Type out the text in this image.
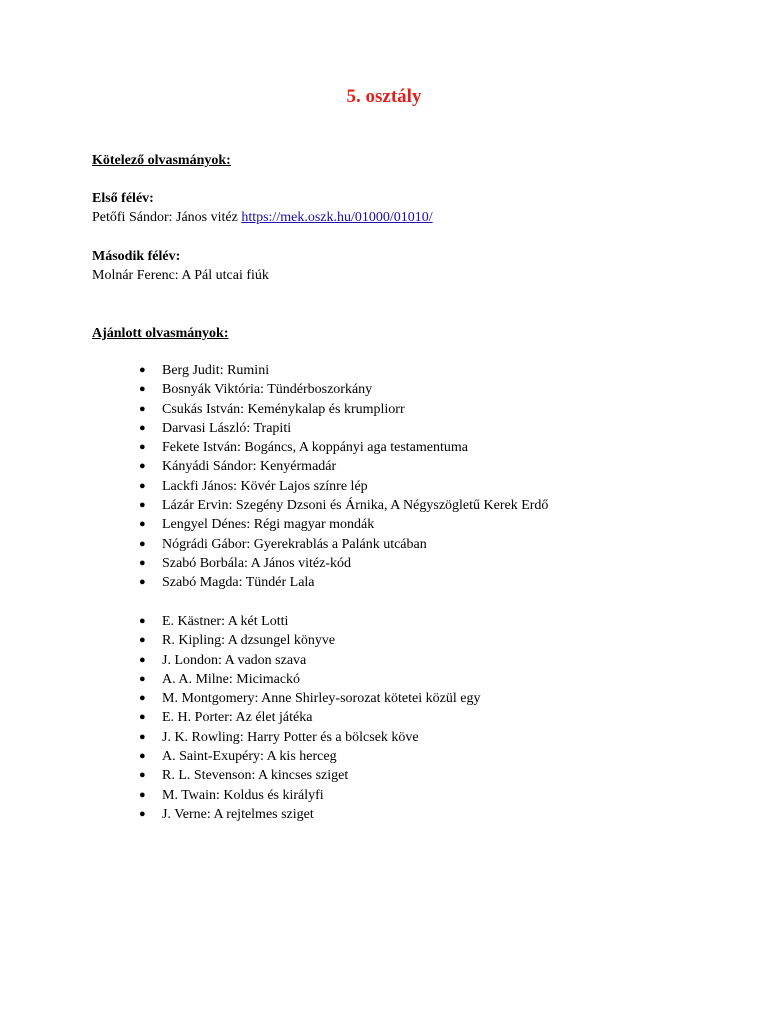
5. osztály
Kötelező olvasmányok:
Első félév:
Petőfi Sándor: János vitéz https://mek.oszk.hu/01000/01010/
Második félév:
Molnár Ferenc: A Pál utcai fiúk
Ajánlott olvasmányok:
● Berg Judit: Rumini
● Bosnyák Viktória: Tündérboszorkány
● Csukás István: Keménykalap és krumpliorr
● Darvasi László: Trapiti
● Fekete István: Bogáncs, A koppányi aga testamentuma
● Kányádi Sándor: Kenyérmadár
● Lackfi János: Kövér Lajos színre lép
● Lázár Ervin: Szegény Dzsoni és Árnika, A Négyszögletű Kerek Erdő
● Lengyel Dénes: Régi magyar mondák
● Nógrádi Gábor: Gyerekrablás a Palánk utcában
● Szabó Borbála: A János vitéz-kód
● Szabó Magda: Tündér Lala
● E. Kästner: A két Lotti
● R. Kipling: A dzsungel könyve
● J. London: A vadon szava
● A. A. Milne: Micimackó
● M. Montgomery: Anne Shirley-sorozat kötetei közül egy
● E. H. Porter: Az élet játéka
● J. K. Rowling: Harry Potter és a bölcsek köve
● A. Saint-Exupéry: A kis herceg
● R. L. Stevenson: A kincses sziget
● M. Twain: Koldus és királyfi
● J. Verne: A rejtelmes sziget
